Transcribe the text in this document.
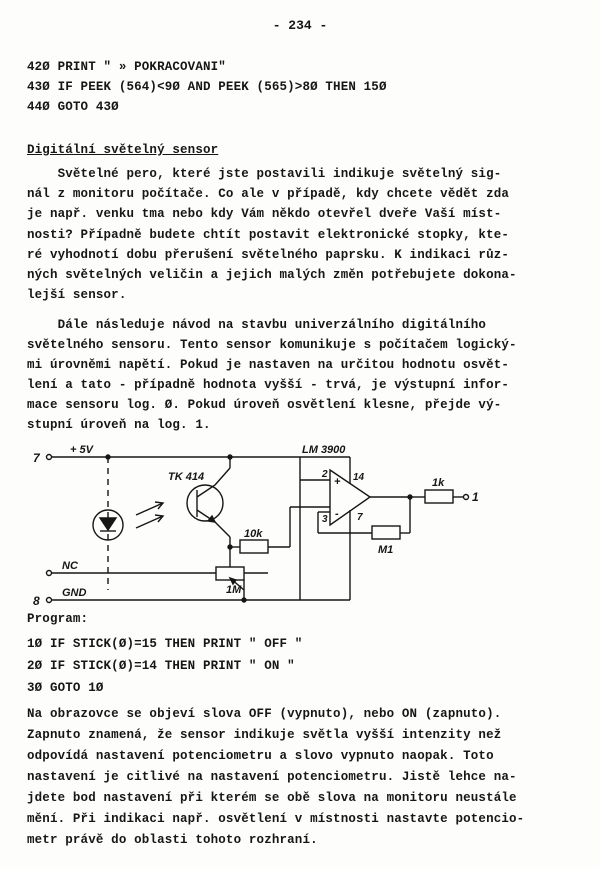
- 234 -
42Ø PRINT " » POKRACOVANI"
43Ø IF PEEK (564)<9Ø AND PEEK (565)>8Ø THEN 15Ø
44Ø GOTO 43Ø
Digitální světelný sensor
Světelné pero, které jste postavili indikuje světelný sig-
nál z monitoru počítače. Co ale v případě, kdy chcete vědět zda
je např. venku tma nebo kdy Vám někdo otevřel dveře Vaší míst-
nosti? Případně budete chtít postavit elektronické stopky, kte-
ré vyhodnotí dobu přerušení světelného paprsku. K indikaci růz-
ných světelných veličin a jejich malých změn potřebujete dokona-
lejší sensor.
Dále následuje návod na stavbu univerzálního digitálního
světelného sensoru. Tento sensor komunikuje s počítačem logický-
mi úrovněmi napětí. Pokud je nastaven na určitou hodnotu osvět-
lení a tato - případně hodnota vyšší - trvá, je výstupní infor-
mace sensoru log. Ø. Pokud úroveň osvětlení klesne, přejde vý-
stupní úroveň na log. 1.
7
8
1
+ 5V
NC
GND
TK 414
LM 3900
10k
1M
1k
M1
2
3
14
7
+
-
Program:
1Ø IF STICK(Ø)=15 THEN PRINT " OFF "
2Ø IF STICK(Ø)=14 THEN PRINT " ON "
3Ø GOTO 1Ø
Na obrazovce se objeví slova OFF (vypnuto), nebo ON (zapnuto).
Zapnuto znamená, že sensor indikuje světla vyšší intenzity než
odpovídá nastavení potenciometru a slovo vypnuto naopak. Toto
nastavení je citlivé na nastavení potenciometru. Jistě lehce na-
jdete bod nastavení při kterém se obě slova na monitoru neustále
mění. Při indikaci např. osvětlení v místnosti nastavte potencio-
metr právě do oblasti tohoto rozhraní.
